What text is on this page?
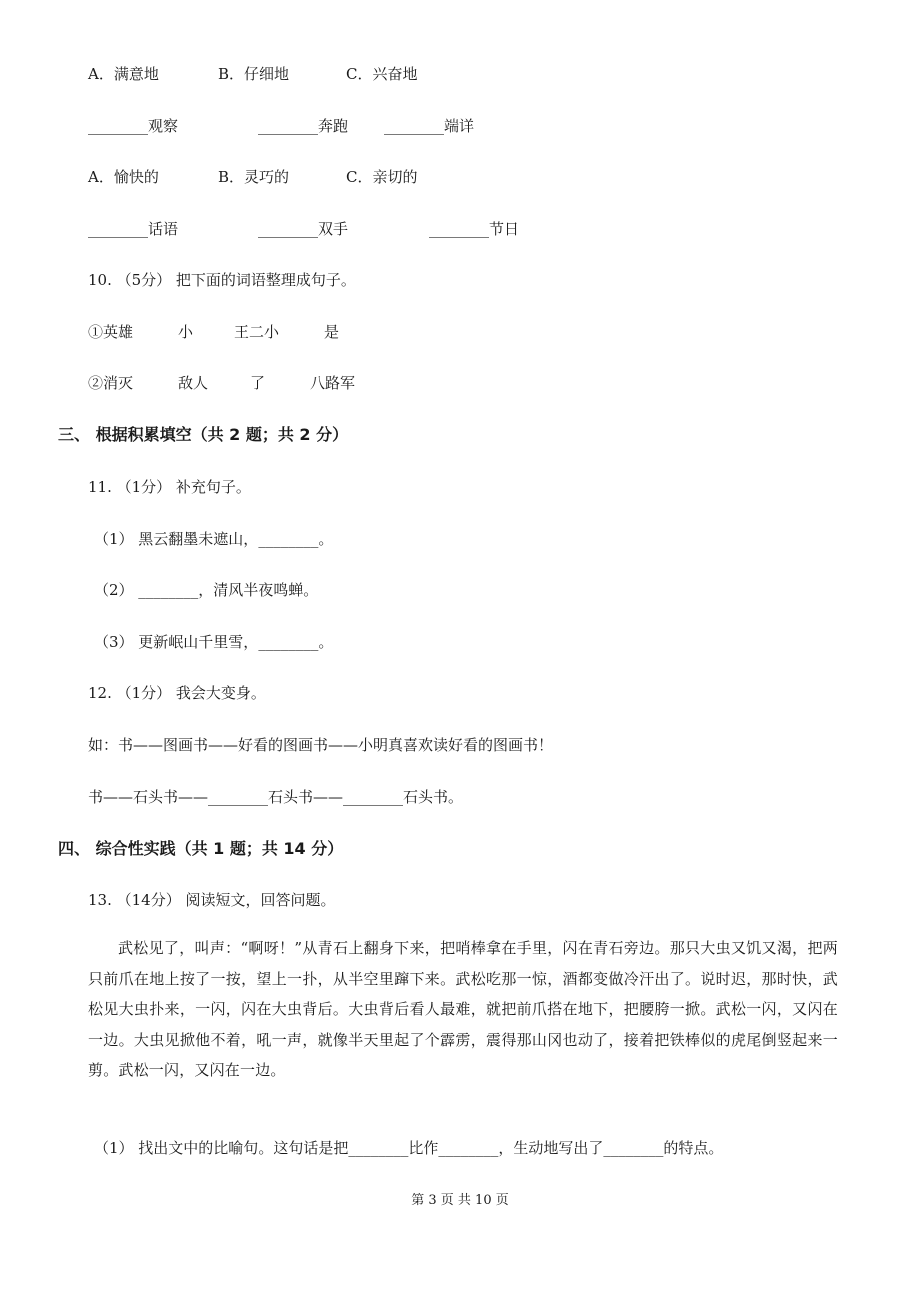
A．满意地	B．仔细地	C．兴奋地
________观察	________奔跑 ________端详
A．愉快的	B．灵巧的	C．亲切的
________话语	________双手	________节日
10. （5分） 把下面的词语整理成句子。
①英雄	小	王二小	是
②消灭	敌人	了	八路军
三、 根据积累填空（共 2 题；共 2 分）
11. （1分） 补充句子。
（1） 黑云翻墨未遮山，________。
（2） ________，清风半夜鸣蝉。
（3） 更新岷山千里雪，________。
12. （1分） 我会大变身。
如：书——图画书——好看的图画书——小明真喜欢读好看的图画书！
书——石头书——________石头书——________石头书。
四、 综合性实践（共 1 题；共 14 分）
13. （14分） 阅读短文，回答问题。
武松见了，叫声：“啊呀！”从青石上翻身下来，把哨棒拿在手里，闪在青石旁边。那只大虫又饥又渴，把两只前爪在地上按了一按，望上一扑，从半空里蹿下来。武松吃那一惊，酒都变做冷汗出了。说时迟，那时快，武松见大虫扑来，一闪，闪在大虫背后。大虫背后看人最难，就把前爪搭在地下，把腰胯一掀。武松一闪，又闪在一边。大虫见掀他不着，吼一声，就像半天里起了个霹雳，震得那山冈也动了，接着把铁棒似的虎尾倒竖起来一剪。武松一闪，又闪在一边。
（1） 找出文中的比喻句。这句话是把________比作________，生动地写出了________的特点。
第 3 页 共 10 页
